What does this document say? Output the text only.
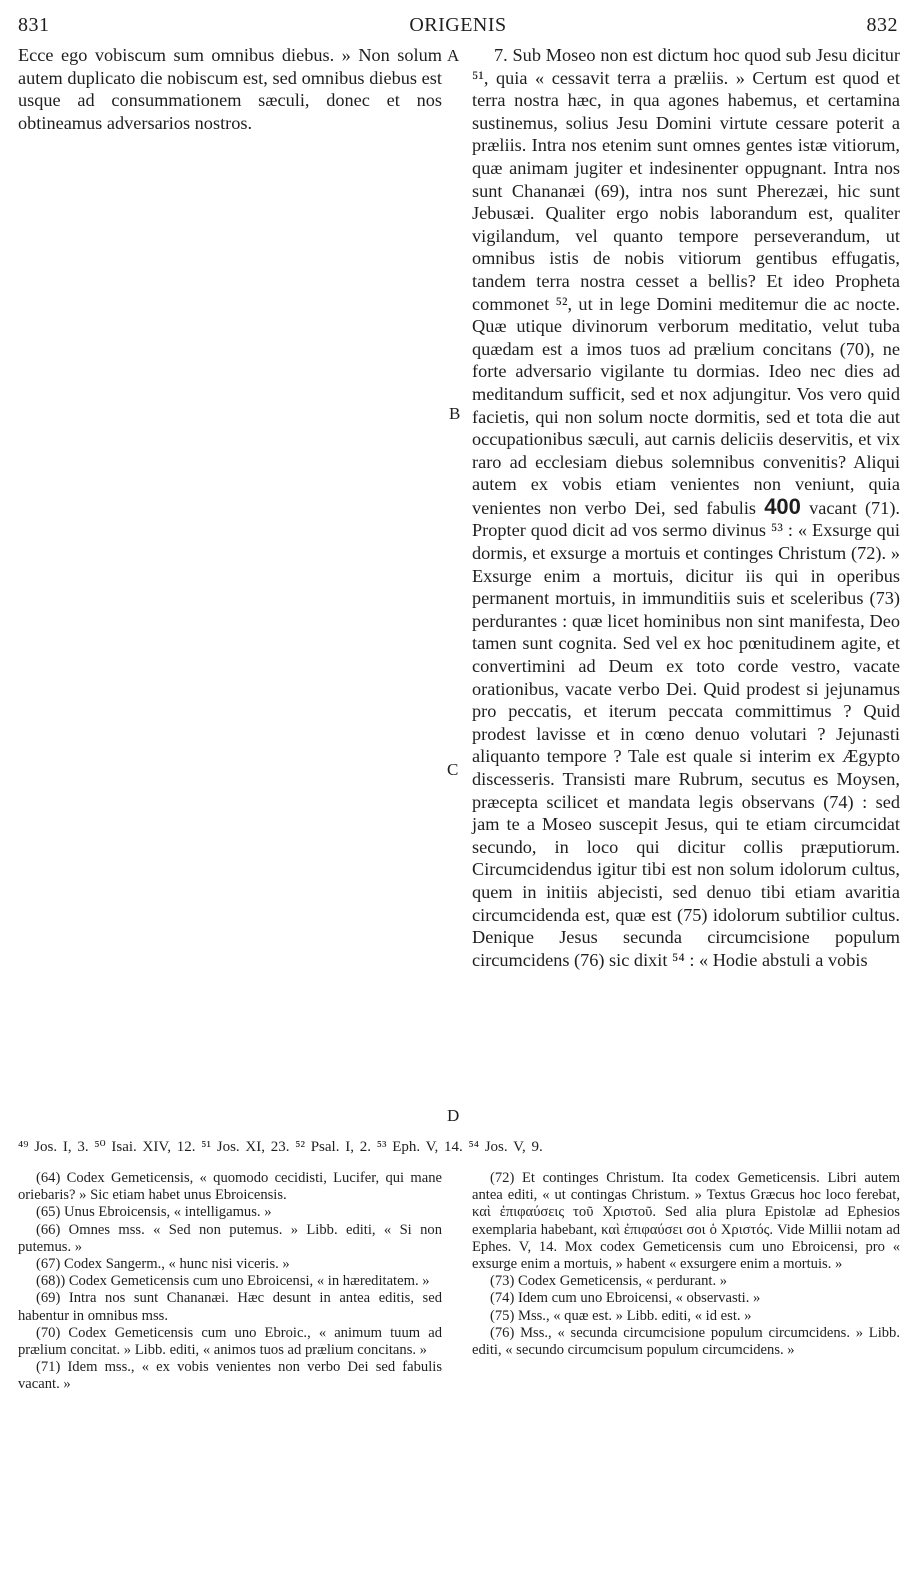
831	ORIGENIS	832
A
B
C
D

Ecce ego vobiscum sum omnibus diebus. » Non solum autem duplicato die nobiscum est, sed omnibus diebus est usque ad consummationem sæculi, donec et nos obtineamus adversarios nostros.

7. Sub Moseo non est dictum hoc quod sub Jesu dicitur ⁵¹, quia « cessavit terra a præliis. » Certum est quod et terra nostra hæc, in qua agones habemus, et certamina sustinemus, solius Jesu Domini virtute cessare poterit a præliis. Intra nos etenim sunt omnes gentes istæ vitiorum, quæ animam jugiter et indesinenter oppugnant. Intra nos sunt Chananæi (69), intra nos sunt Pherezæi, hic sunt Jebusæi. Qualiter ergo nobis laborandum est, qualiter vigilandum, vel quanto tempore perseverandum, ut omnibus istis de nobis vitiorum gentibus effugatis, tandem terra nostra cesset a bellis? Et ideo Propheta commonet ⁵², ut in lege Domini meditemur die ac nocte. Quæ utique divinorum verborum meditatio, velut tuba quædam est a imos tuos ad prælium concitans (70), ne forte adversario vigilante tu dormias. Ideo nec dies ad meditandum sufficit, sed et nox adjungitur. Vos vero quid facietis, qui non solum nocte dormitis, sed et tota die aut occupationibus sæculi, aut carnis deliciis deservitis, et vix raro ad ecclesiam diebus solemnibus convenitis? Aliqui autem ex vobis etiam venientes non veniunt, quia venientes non verbo Dei, sed fabulis 400 vacant (71). Propter quod dicit ad vos sermo divinus ⁵³ : « Exsurge qui dormis, et exsurge a mortuis et continges Christum (72). » Exsurge enim a mortuis, dicitur iis qui in operibus permanent mortuis, in immunditiis suis et sceleribus (73) perdurantes : quæ licet hominibus non sint manifesta, Deo tamen sunt cognita. Sed vel ex hoc pœnitudinem agite, et convertimini ad Deum ex toto corde vestro, vacate orationibus, vacate verbo Dei. Quid prodest si jejunamus pro peccatis, et iterum peccata committimus ? Quid prodest lavisse et in cœno denuo volutari ? Jejunasti aliquanto tempore ? Tale est quale si interim ex Ægypto discesseris. Transisti mare Rubrum, secutus es Moysen, præcepta scilicet et mandata legis observans (74) : sed jam te a Moseo suscepit Jesus, qui te etiam circumcidat secundo, in loco qui dicitur collis præputiorum. Circumcidendus igitur tibi est non solum idolorum cultus, quem in initiis abjecisti, sed denuo tibi etiam avaritia circumcidenda est, quæ est (75) idolorum subtilior cultus. Denique Jesus secunda circumcisione populum circumcidens (76) sic dixit ⁵⁴ : « Hodie abstuli a vobis

⁴⁹ Jos. I, 3. ⁵⁰ Isai. XIV, 12. ⁵¹ Jos. XI, 23. ⁵² Psal. I, 2. ⁵³ Eph. V, 14. ⁵⁴ Jos. V, 9.

(64) Codex Gemeticensis, « quomodo cecidisti, Lucifer, qui mane oriebaris? » Sic etiam habet unus Ebroicensis.

(65) Unus Ebroicensis, « intelligamus. »

(66) Omnes mss. « Sed non putemus. » Libb. editi, « Si non putemus. »

(67) Codex Sangerm., « hunc nisi viceris. »

(68)) Codex Gemeticensis cum uno Ebroicensi, « in hæreditatem. »

(69) Intra nos sunt Chananæi. Hæc desunt in antea editis, sed habentur in omnibus mss.

(70) Codex Gemeticensis cum uno Ebroic., « animum tuum ad prælium concitat. » Libb. editi, « animos tuos ad prælium concitans. »

(71) Idem mss., « ex vobis venientes non verbo Dei sed fabulis vacant. »

(72) Et continges Christum. Ita codex Gemeticensis. Libri autem antea editi, « ut contingas Christum. » Textus Græcus hoc loco ferebat, καὶ ἐπιφαύσεις τοῦ Χριστοῦ. Sed alia plura Epistolæ ad Ephesios exemplaria habebant, καὶ ἐπιφαύσει σοι ὁ Χριστός. Vide Millii notam ad Ephes. V, 14. Mox codex Gemeticensis cum uno Ebroicensi, pro « exsurge enim a mortuis, » habent « exsurgere enim a mortuis. »

(73) Codex Gemeticensis, « perdurant. »

(74) Idem cum uno Ebroicensi, « observasti. »

(75) Mss., « quæ est. » Libb. editi, « id est. »

(76) Mss., « secunda circumcisione populum circumcidens. » Libb. editi, « secundo circumcisum populum circumcidens. »
